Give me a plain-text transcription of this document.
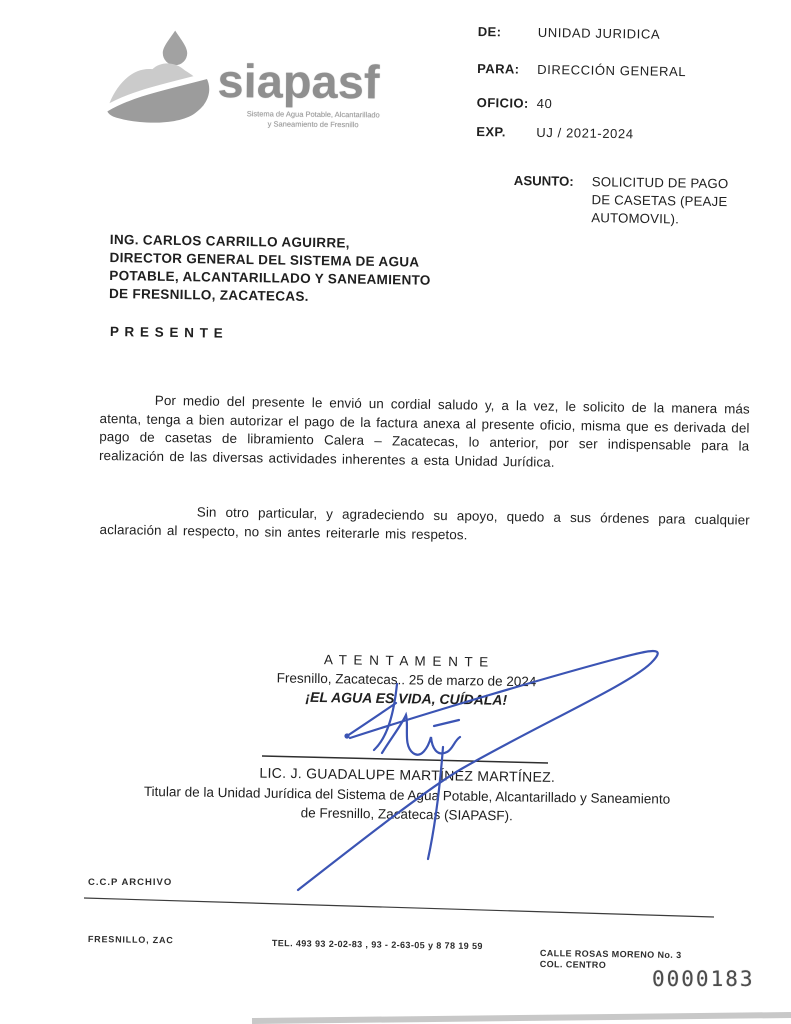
siapasf
Sistema de Agua Potable, Alcantarillado
y Saneamiento de Fresnillo
DE:	UNIDAD JURIDICA
PARA: DIRECCIÓN GENERAL
OFICIO: 40
EXP. UJ / 2021-2024
ASUNTO: SOLICITUD DE PAGO
DE CASETAS (PEAJE
AUTOMOVIL).
ING. CARLOS CARRILLO AGUIRRE,
DIRECTOR GENERAL DEL SISTEMA DE AGUA
POTABLE, ALCANTARILLADO Y SANEAMIENTO
DE FRESNILLO, ZACATECAS.
P R E S E N T E
Por medio del presente le envió un cordial saludo y, a la vez, le solicito de la manera más atenta, tenga a bien autorizar el pago de la factura anexa al presente oficio, misma que es derivada del pago de casetas de libramiento Calera – Zacatecas, lo anterior, por ser indispensable para la realización de las diversas actividades inherentes a esta Unidad Jurídica.
Sin otro particular, y agradeciendo su apoyo, quedo a sus órdenes para cualquier aclaración al respecto, no sin antes reiterarle mis respetos.
A T E N T A M E N T E
Fresnillo, Zacatecas.. 25 de marzo de 2024
¡EL AGUA ES VIDA, CUÍDALA!
LIC. J. GUADALUPE MARTÍNEZ MARTÍNEZ.
Titular de la Unidad Jurídica del Sistema de Agua Potable, Alcantarillado y Saneamiento
de Fresnillo, Zacatecas (SIAPASF).
C.C.P ARCHIVO
FRESNILLO, ZAC	TEL. 493 93 2-02-83 , 93 - 2-63-05 y 8 78 19 59
CALLE ROSAS MORENO No. 3
COL. CENTRO
0000183
